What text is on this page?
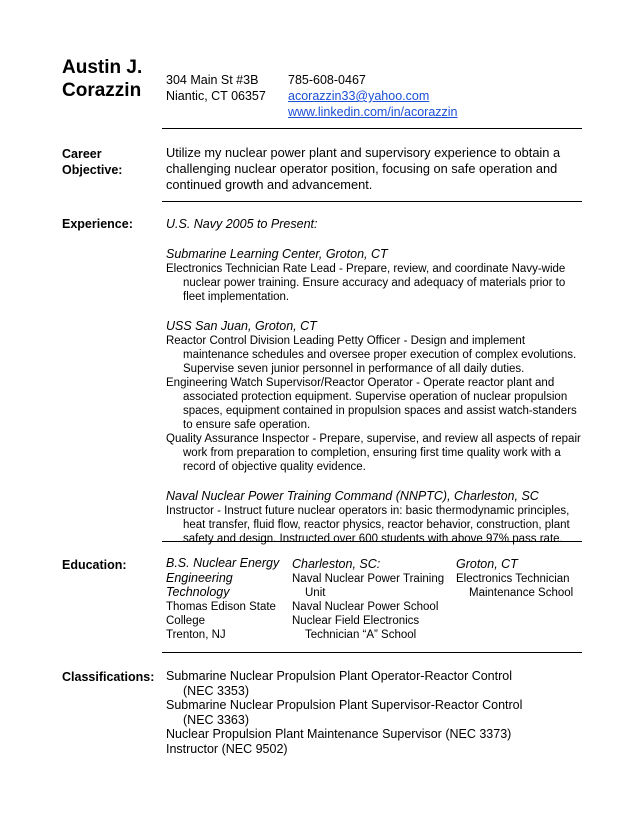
Austin J.
Corazzin	304 Main St #3B
Niantic, CT 06357
785-608-0467
acorazzin33@yahoo.com
www.linkedin.com/in/acorazzin
Career
Objective:
Utilize my nuclear power plant and supervisory experience to obtain a challenging nuclear operator position, focusing on safe operation and continued growth and advancement.
Experience:	U.S. Navy 2005 to Present:
Submarine Learning Center, Groton, CT
Electronics Technician Rate Lead - Prepare, review, and coordinate Navy-wide nuclear power training. Ensure accuracy and adequacy of materials prior to fleet implementation.
USS San Juan, Groton, CT
Reactor Control Division Leading Petty Officer - Design and implement maintenance schedules and oversee proper execution of complex evolutions. Supervise seven junior personnel in performance of all daily duties.
Engineering Watch Supervisor/Reactor Operator - Operate reactor plant and associated protection equipment. Supervise operation of nuclear propulsion spaces, equipment contained in propulsion spaces and assist watch-standers to ensure safe operation.
Quality Assurance Inspector - Prepare, supervise, and review all aspects of repair work from preparation to completion, ensuring first time quality work with a record of objective quality evidence.
Naval Nuclear Power Training Command (NNPTC), Charleston, SC
Instructor - Instruct future nuclear operators in: basic thermodynamic principles, heat transfer, fluid flow, reactor physics, reactor behavior, construction, plant safety and design. Instructed over 600 students with above 97% pass rate.
Education:	B.S. Nuclear Energy Engineering Technology
Thomas Edison State College
Trenton, NJ
Charleston, SC:
Naval Nuclear Power Training Unit
Naval Nuclear Power School
Nuclear Field Electronics Technician “A” School
Groton, CT
Electronics Technician Maintenance School
Classifications: Submarine Nuclear Propulsion Plant Operator-Reactor Control (NEC 3353)
Submarine Nuclear Propulsion Plant Supervisor-Reactor Control (NEC 3363)
Nuclear Propulsion Plant Maintenance Supervisor (NEC 3373)
Instructor (NEC 9502)
